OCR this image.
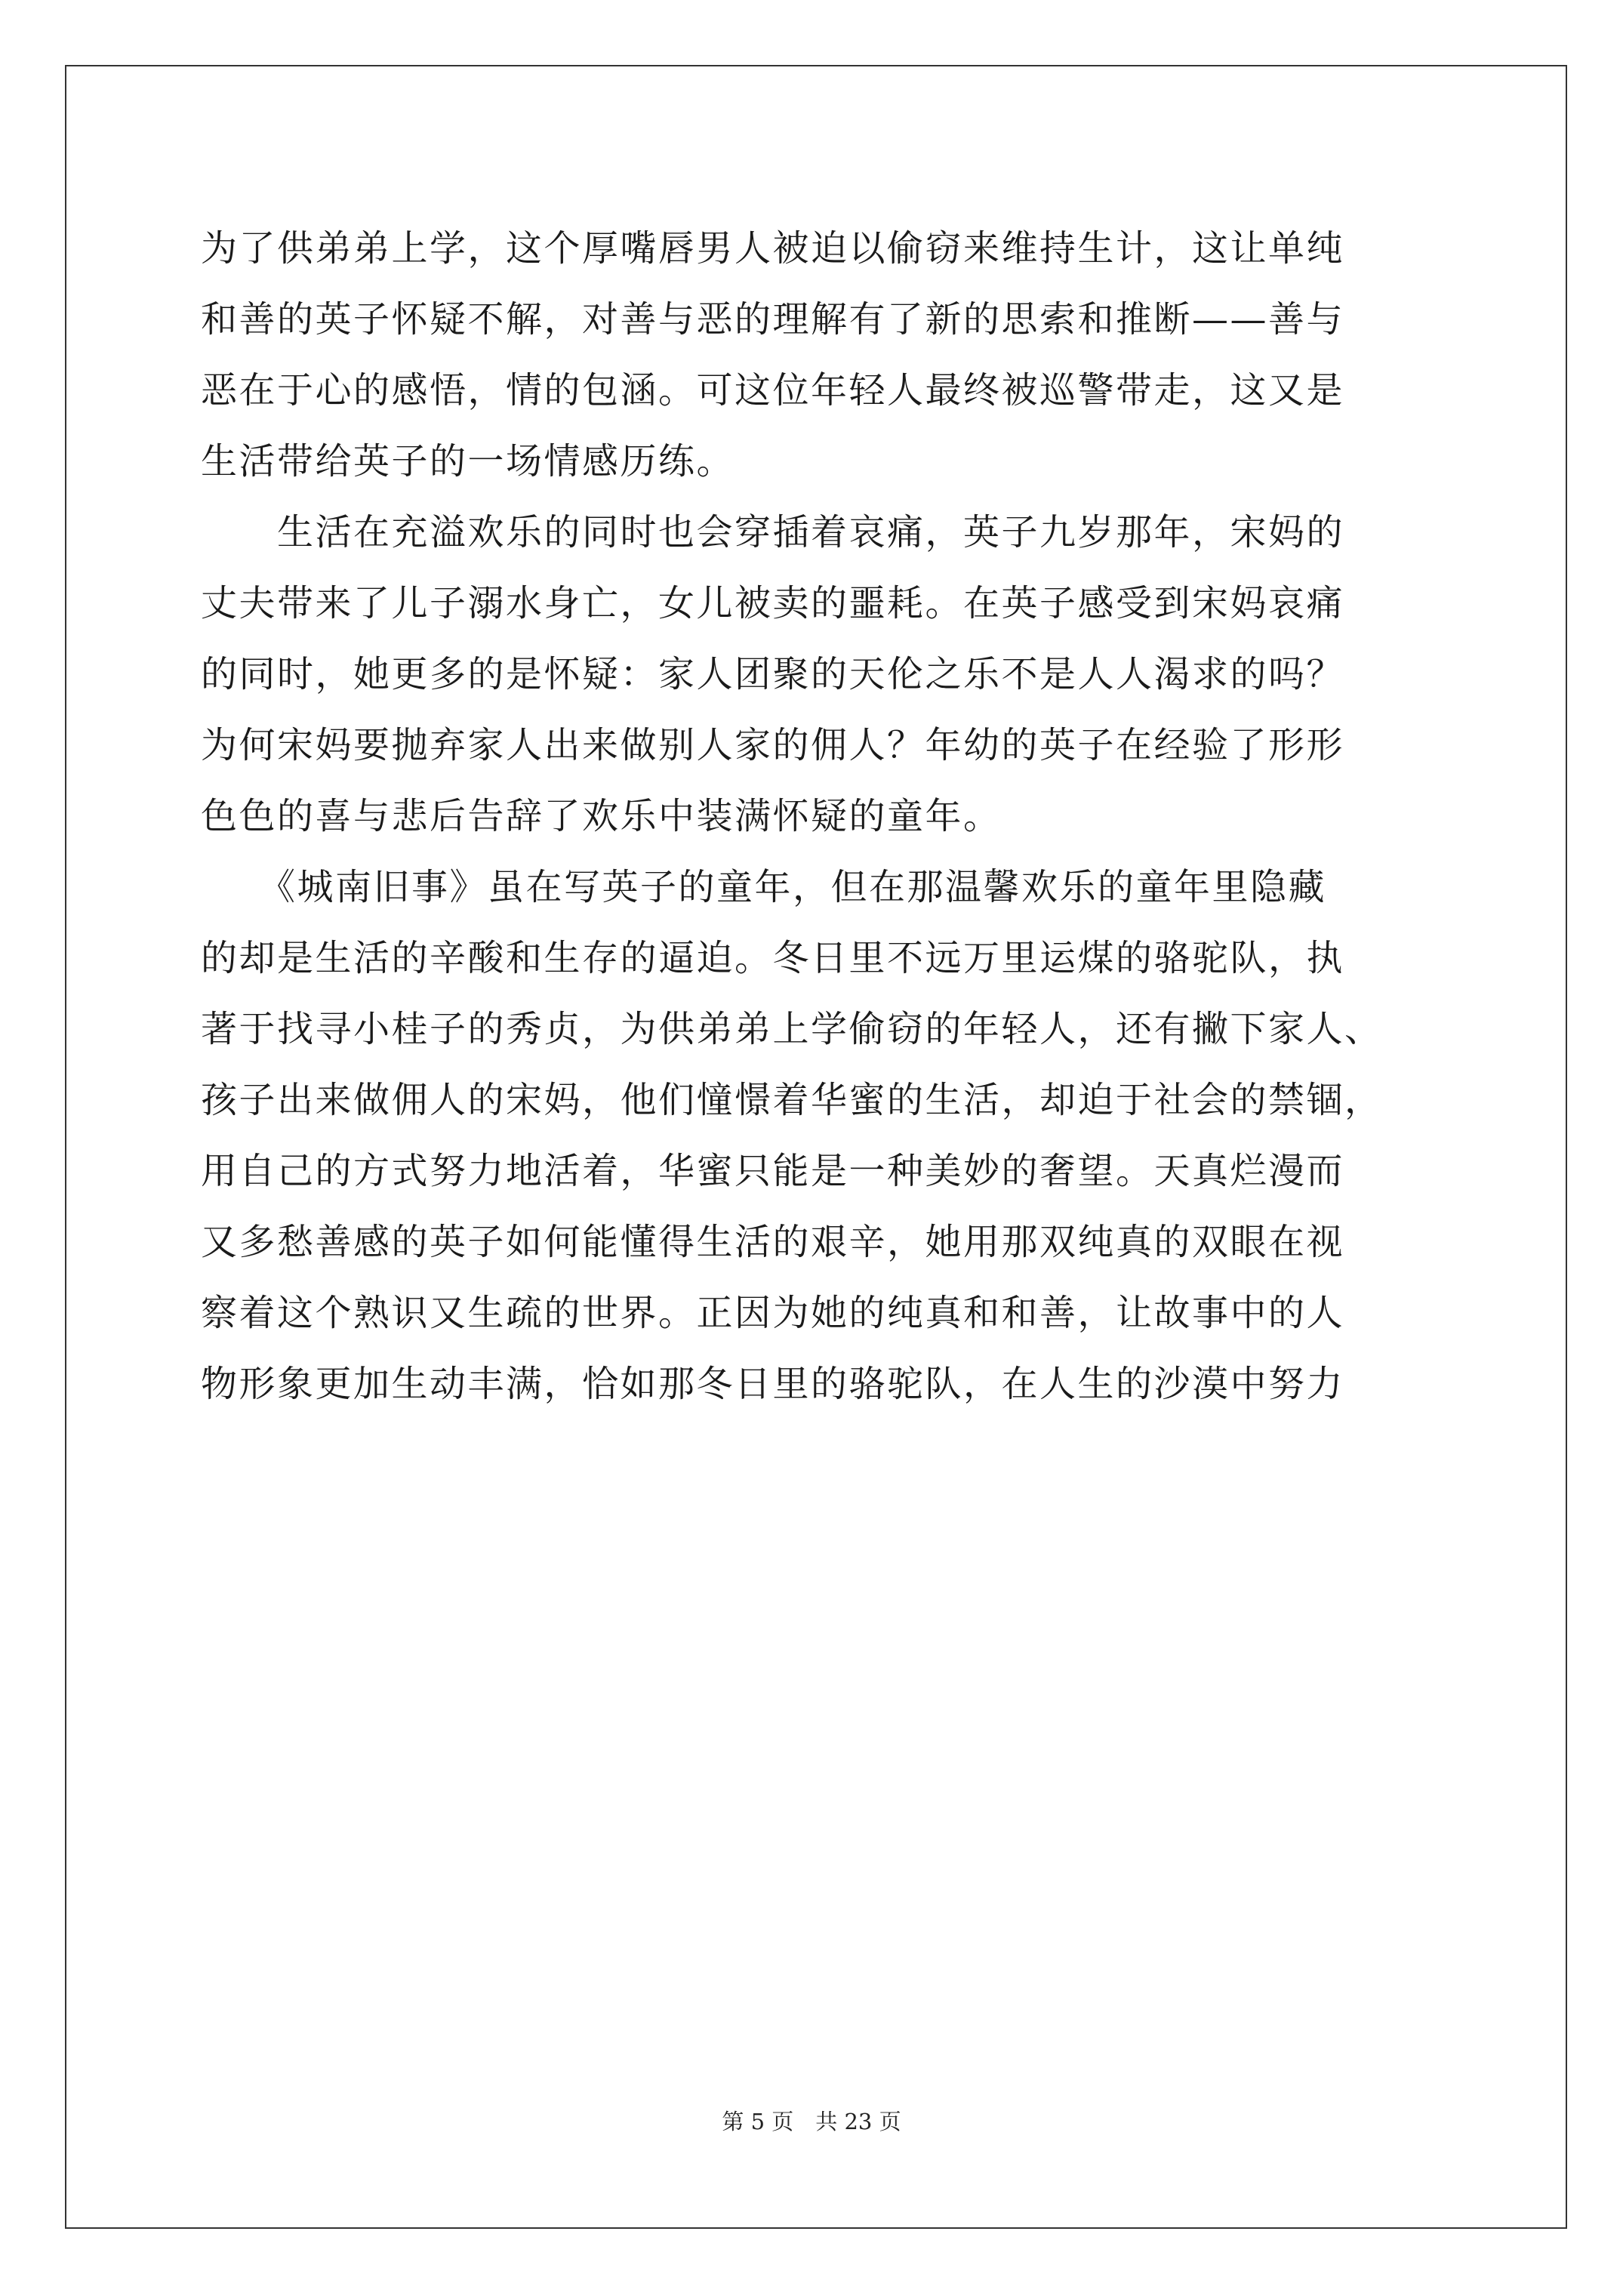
为了供弟弟上学，这个厚嘴唇男人被迫以偷窃来维持生计，这让单纯
和善的英子怀疑不解，对善与恶的理解有了新的思索和推断——善与
恶在于心的感悟，情的包涵。可这位年轻人最终被巡警带走，这又是
生活带给英子的一场情感历练。
　　生活在充溢欢乐的同时也会穿插着哀痛，英子九岁那年，宋妈的
丈夫带来了儿子溺水身亡，女儿被卖的噩耗。在英子感受到宋妈哀痛
的同时，她更多的是怀疑：家人团聚的天伦之乐不是人人渴求的吗？
为何宋妈要抛弃家人出来做别人家的佣人？年幼的英子在经验了形形
色色的喜与悲后告辞了欢乐中装满怀疑的童年。
　　《城南旧事》虽在写英子的童年，但在那温馨欢乐的童年里隐藏
的却是生活的辛酸和生存的逼迫。冬日里不远万里运煤的骆驼队，执
著于找寻小桂子的秀贞，为供弟弟上学偷窃的年轻人，还有撇下家人、
孩子出来做佣人的宋妈，他们憧憬着华蜜的生活，却迫于社会的禁锢，
用自己的方式努力地活着，华蜜只能是一种美妙的奢望。天真烂漫而
又多愁善感的英子如何能懂得生活的艰辛，她用那双纯真的双眼在视
察着这个熟识又生疏的世界。正因为她的纯真和和善，让故事中的人
物形象更加生动丰满，恰如那冬日里的骆驼队，在人生的沙漠中努力
第 5 页　共 23 页
